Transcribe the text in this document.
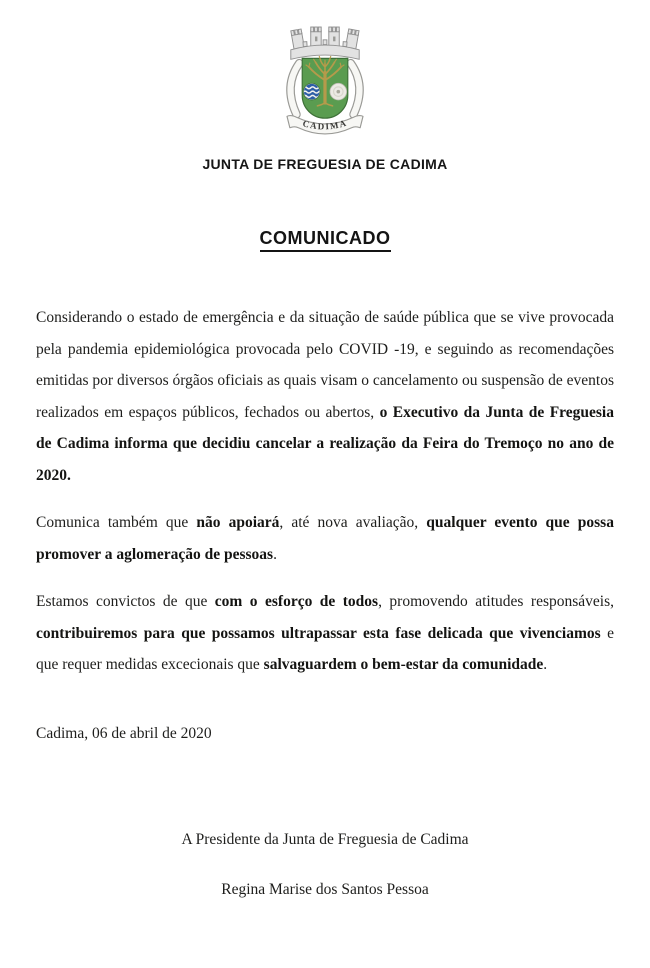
CADIMA
JUNTA DE FREGUESIA DE CADIMA
COMUNICADO

Considerando o estado de emergência e da situação de saúde pública que se vive provocada pela pandemia epidemiológica provocada pelo COVID -19, e seguindo as recomendações emitidas por diversos órgãos oficiais as quais visam o cancelamento ou suspensão de eventos realizados em espaços públicos, fechados ou abertos, o Executivo da Junta de Freguesia de Cadima informa que decidiu cancelar a realização da Feira do Tremoço no ano de 2020.

Comunica também que não apoiará, até nova avaliação, qualquer evento que possa promover a aglomeração de pessoas.

Estamos convictos de que com o esforço de todos, promovendo atitudes responsáveis, contribuiremos para que possamos ultrapassar esta fase delicada que vivenciamos e que requer medidas excecionais que salvaguardem o bem-estar da comunidade.

Cadima, 06 de abril de 2020
A Presidente da Junta de Freguesia de Cadima
Regina Marise dos Santos Pessoa
